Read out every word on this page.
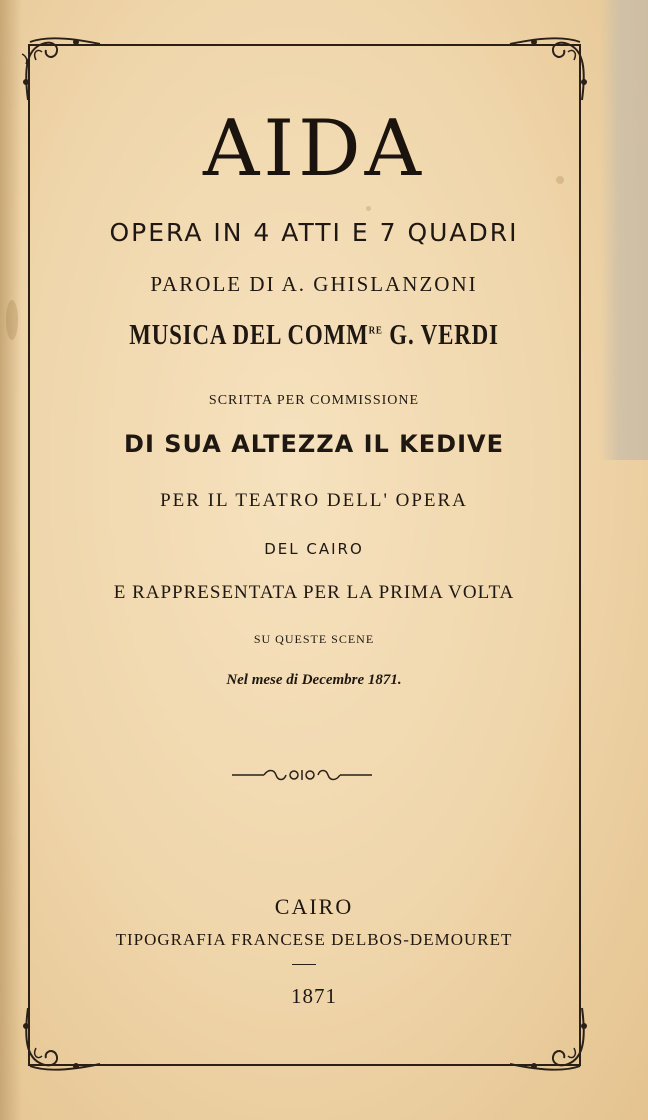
AIDA

OPERA IN 4 ATTI E 7 QUADRI

PAROLE DI A. GHISLANZONI

MUSICA DEL $COMM^{RE}$ G. VERDI

SCRITTA PER COMMISSIONE

DI SUA ALTEZZA IL KEDIVE

PER IL TEATRO DELL' OPERA

DEL CAIRO

E RAPPRESENTATA PER LA PRIMA VOLTA

SU QUESTE SCENE

Nel mese di Decembre 1871.

CAIRO

TIPOGRAFIA FRANCESE DELBOS-DEMOURET

1871
